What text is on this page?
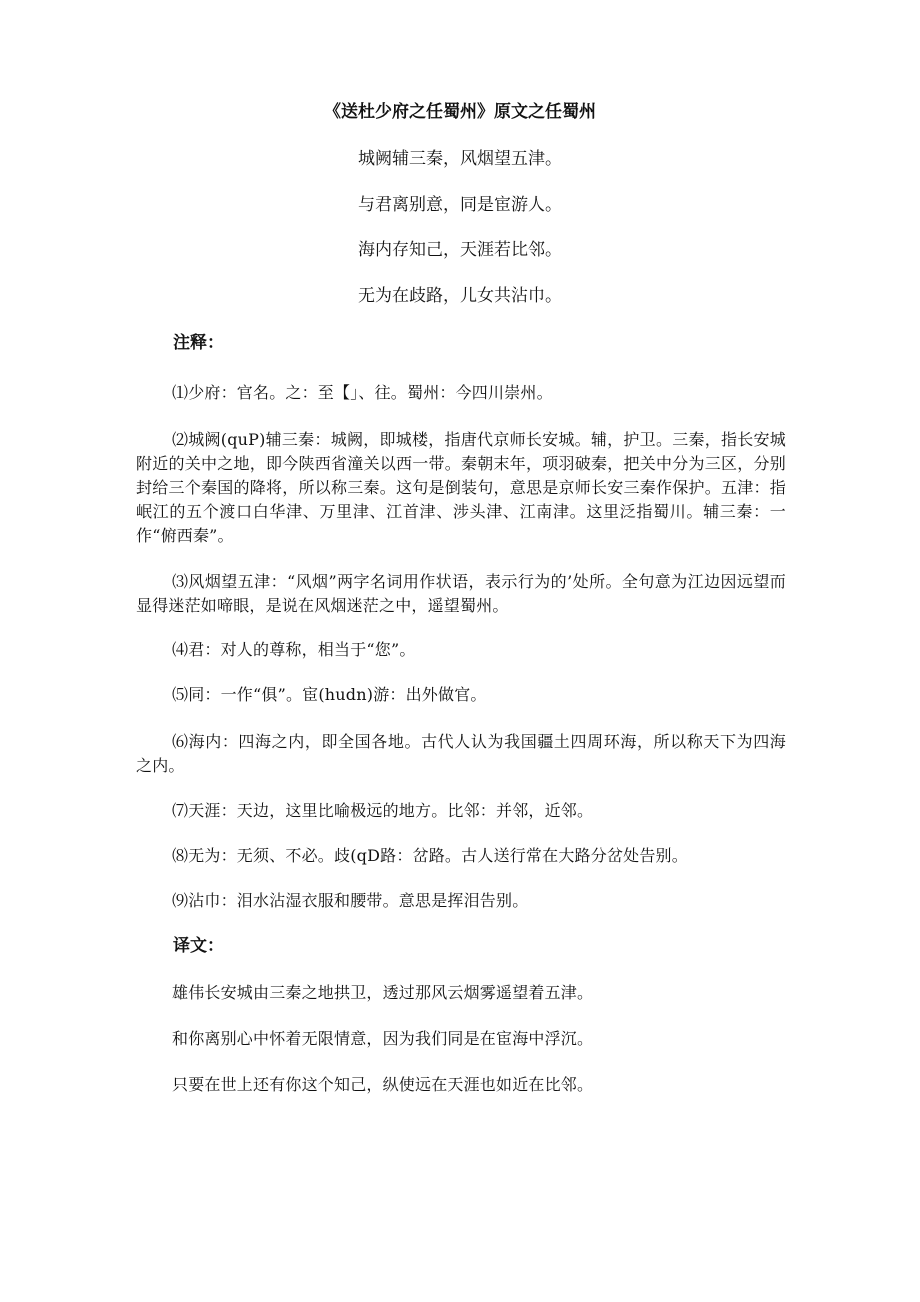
《送杜少府之任蜀州》原文之任蜀州
城阙辅三秦，风烟望五津。
与君离别意，同是宦游人。
海内存知己，天涯若比邻。
无为在歧路，儿女共沾巾。
注释：
⑴少府：官名。之：至【」、往。蜀州：今四川崇州。
⑵城阙(quP)辅三秦：城阙，即城楼，指唐代京师长安城。辅，护卫。三秦，指长安城附近的关中之地，即今陕西省潼关以西一带。秦朝末年，项羽破秦，把关中分为三区，分别封给三个秦国的降将，所以称三秦。这句是倒装句，意思是京师长安三秦作保护。五津：指岷江的五个渡口白华津、万里津、江首津、涉头津、江南津。这里泛指蜀川。辅三秦：一作“俯西秦”。
⑶风烟望五津：“风烟”两字名词用作状语，表示行为的’处所。全句意为江边因远望而显得迷茫如啼眼，是说在风烟迷茫之中，遥望蜀州。
⑷君：对人的尊称，相当于“您”。
⑸同：一作“俱”。宦(hudn)游：出外做官。
⑹海内：四海之内，即全国各地。古代人认为我国疆土四周环海，所以称天下为四海之内。
⑺天涯：天边，这里比喻极远的地方。比邻：并邻，近邻。
⑻无为：无须、不必。歧(qD路：岔路。古人送行常在大路分岔处告别。
⑼沾巾：泪水沾湿衣服和腰带。意思是挥泪告别。
译文：
雄伟长安城由三秦之地拱卫，透过那风云烟雾遥望着五津。
和你离别心中怀着无限情意，因为我们同是在宦海中浮沉。
只要在世上还有你这个知己，纵使远在天涯也如近在比邻。
